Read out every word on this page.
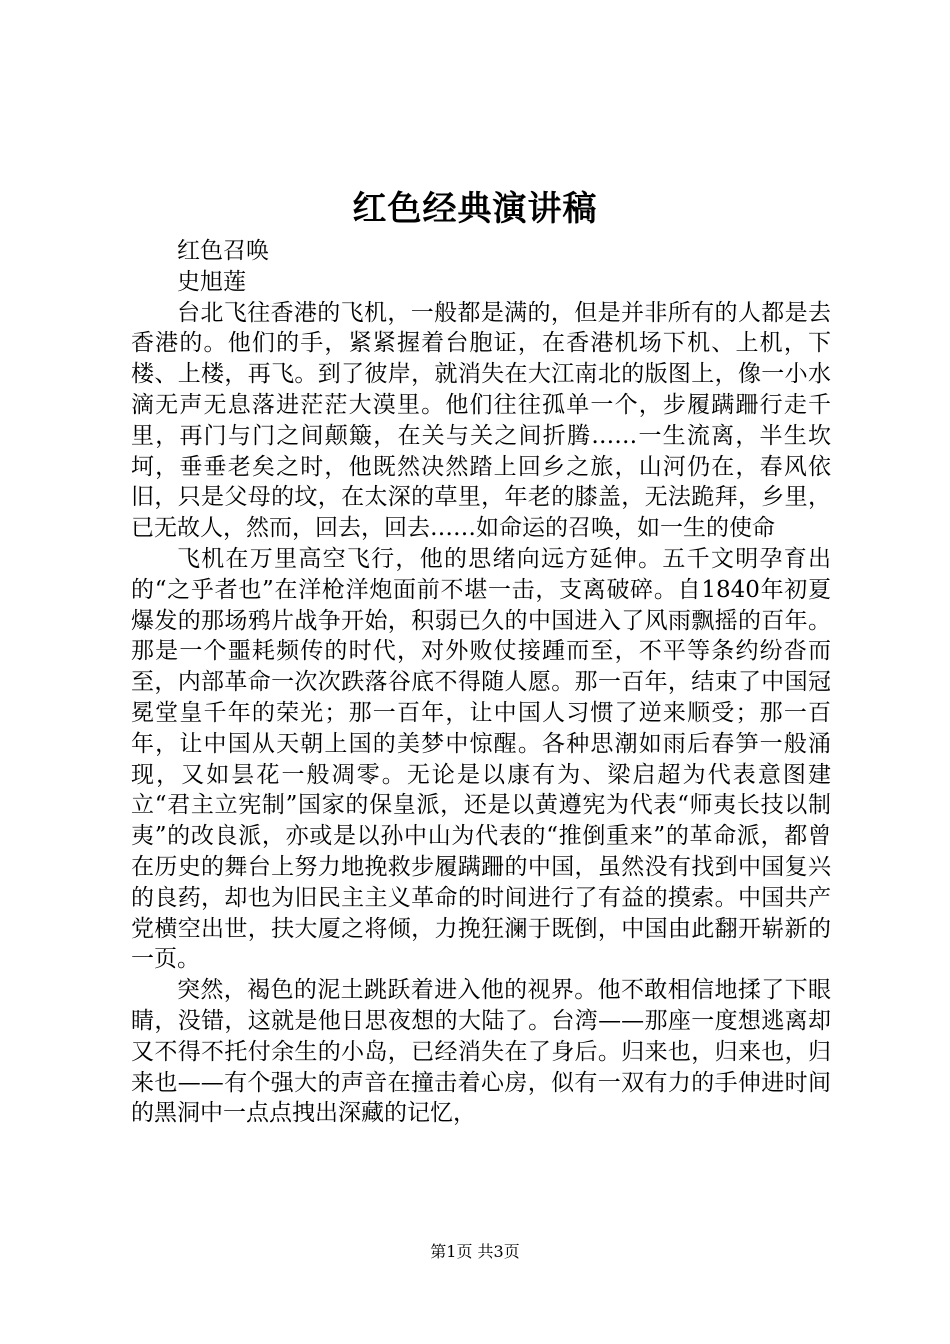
红色经典演讲稿

红色召唤

史旭莲

台北飞往香港的飞机，一般都是满的，但是并非所有的人都是去香港的。他们的手，紧紧握着台胞证，在香港机场下机、上机，下楼、上楼，再飞。到了彼岸，就消失在大江南北的版图上，像一小水滴无声无息落进茫茫大漠里。他们往往孤单一个，步履蹒跚行走千里，再门与门之间颠簸，在关与关之间折腾……一生流离，半生坎坷，垂垂老矣之时，他既然决然踏上回乡之旅，山河仍在，春风依旧，只是父母的坟，在太深的草里，年老的膝盖，无法跪拜，乡里，已无故人，然而，回去，回去……如命运的召唤，如一生的使命

飞机在万里高空飞行，他的思绪向远方延伸。五千文明孕育出的“之乎者也”在洋枪洋炮面前不堪一击，支离破碎。自1840年初夏爆发的那场鸦片战争开始，积弱已久的中国进入了风雨飘摇的百年。那是一个噩耗频传的时代，对外败仗接踵而至，不平等条约纷沓而至，内部革命一次次跌落谷底不得随人愿。那一百年，结束了中国冠冕堂皇千年的荣光；那一百年，让中国人习惯了逆来顺受；那一百年，让中国从天朝上国的美梦中惊醒。各种思潮如雨后春笋一般涌现，又如昙花一般凋零。无论是以康有为、梁启超为代表意图建立“君主立宪制”国家的保皇派，还是以黄遵宪为代表“师夷长技以制夷”的改良派，亦或是以孙中山为代表的“推倒重来”的革命派，都曾在历史的舞台上努力地挽救步履蹒跚的中国，虽然没有找到中国复兴的良药，却也为旧民主主义革命的时间进行了有益的摸索。中国共产党横空出世，扶大厦之将倾，力挽狂澜于既倒，中国由此翻开崭新的一页。

突然，褐色的泥土跳跃着进入他的视界。他不敢相信地揉了下眼睛，没错，这就是他日思夜想的大陆了。台湾——那座一度想逃离却又不得不托付余生的小岛，已经消失在了身后。归来也，归来也，归来也——有个强大的声音在撞击着心房，似有一双有力的手伸进时间的黑洞中一点点拽出深藏的记忆，

第1页 共3页
